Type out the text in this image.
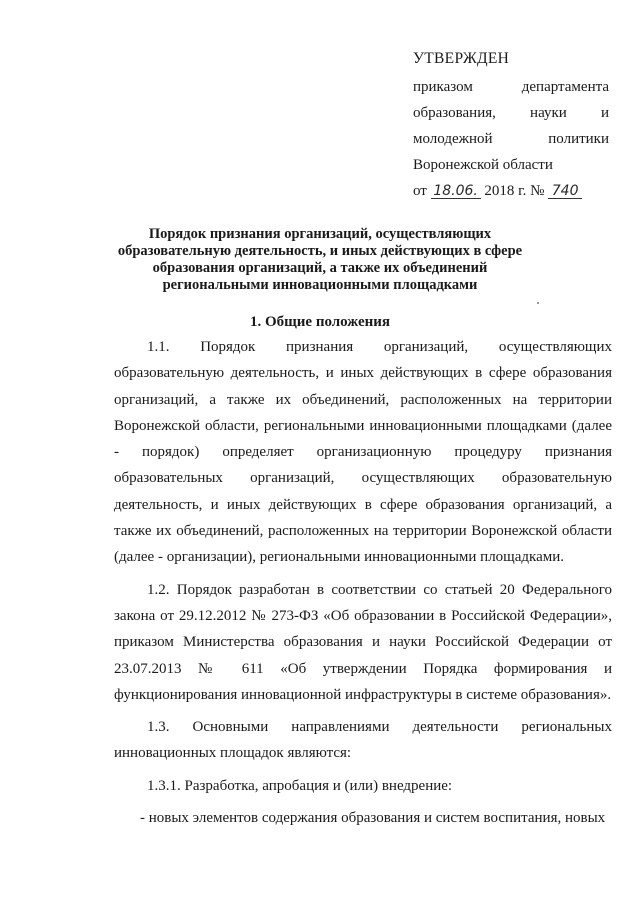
УТВЕРЖДЕН
приказом	департамента
образования, науки и
молодежной	политики
Воронежской области
от 18.06. 2018 г. № 740
Порядок признания организаций, осуществляющих образовательную деятельность, и иных действующих в сфере образования организаций, а также их объединений региональными инновационными площадками
1. Общие положения

1.1. Порядок признания организаций, осуществляющих образовательную деятельность, и иных действующих в сфере образования организаций, а также их объединений, расположенных на территории Воронежской области, региональными инновационными площадками (далее - порядок) определяет организационную процедуру признания образовательных организаций, осуществляющих образовательную деятельность, и иных действующих в сфере образования организаций, а также их объединений, расположенных на территории Воронежской области (далее - организации), региональными инновационными площадками.

1.2. Порядок разработан в соответствии со статьей 20 Федерального закона от 29.12.2012 № 273-ФЗ «Об образовании в Российской Федерации», приказом Министерства образования и науки Российской Федерации от 23.07.2013 № 611 «Об утверждении Порядка формирования и функционирования инновационной инфраструктуры в системе образования».

1.3. Основными направлениями деятельности региональных инновационных площадок являются:

1.3.1. Разработка, апробация и (или) внедрение:

- новых элементов содержания образования и систем воспитания, новых
